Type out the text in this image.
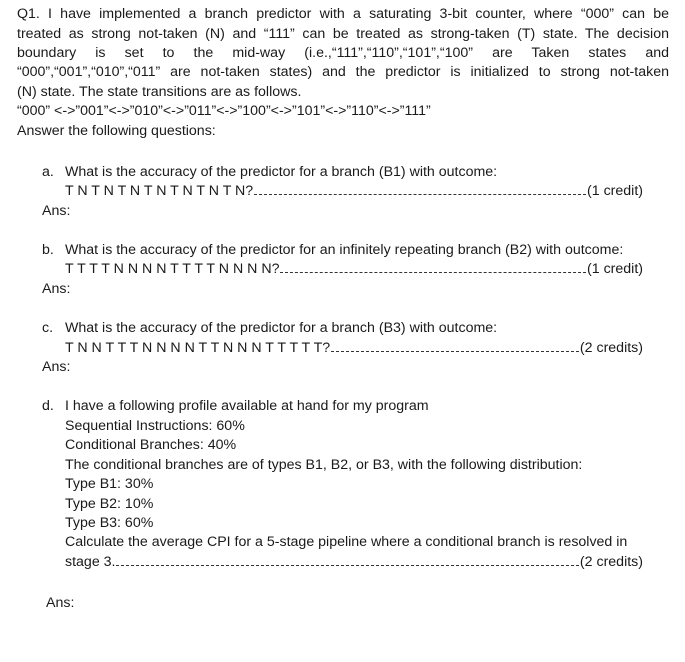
Q1. I have implemented a branch predictor with a saturating 3-bit counter, where “000” can be
treated as strong not-taken (N) and “111” can be treated as strong-taken (T) state. The decision
boundary is set to the mid-way (i.e.,“111”,“110”,“101”,“100” are Taken states and
“000”,“001”,“010”,“011” are not-taken states) and the predictor is initialized to strong not-taken
(N) state. The state transitions are as follows.
“000” <->”001”<->”010”<->”011”<->”100”<->”101”<->”110”<->”111”
Answer the following questions:
a. What is the accuracy of the predictor for a branch (B1) with outcome:
T N T N T N T N T N T N T N?	(1 credit)
Ans:
b. What is the accuracy of the predictor for an infinitely repeating branch (B2) with outcome:
T T T T N N N N T T T T N N N N?	(1 credit)
Ans:
c. What is the accuracy of the predictor for a branch (B3) with outcome:
T N N T T T N N N N T T N N N T T T T T?	(2 credits)
Ans:
d. I have a following profile available at hand for my program
Sequential Instructions: 60%
Conditional Branches: 40%
The conditional branches are of types B1, B2, or B3, with the following distribution:
Type B1: 30%
Type B2: 10%
Type B3: 60%
Calculate the average CPI for a 5-stage pipeline where a conditional branch is resolved in
stage 3.	(2 credits)
Ans:
